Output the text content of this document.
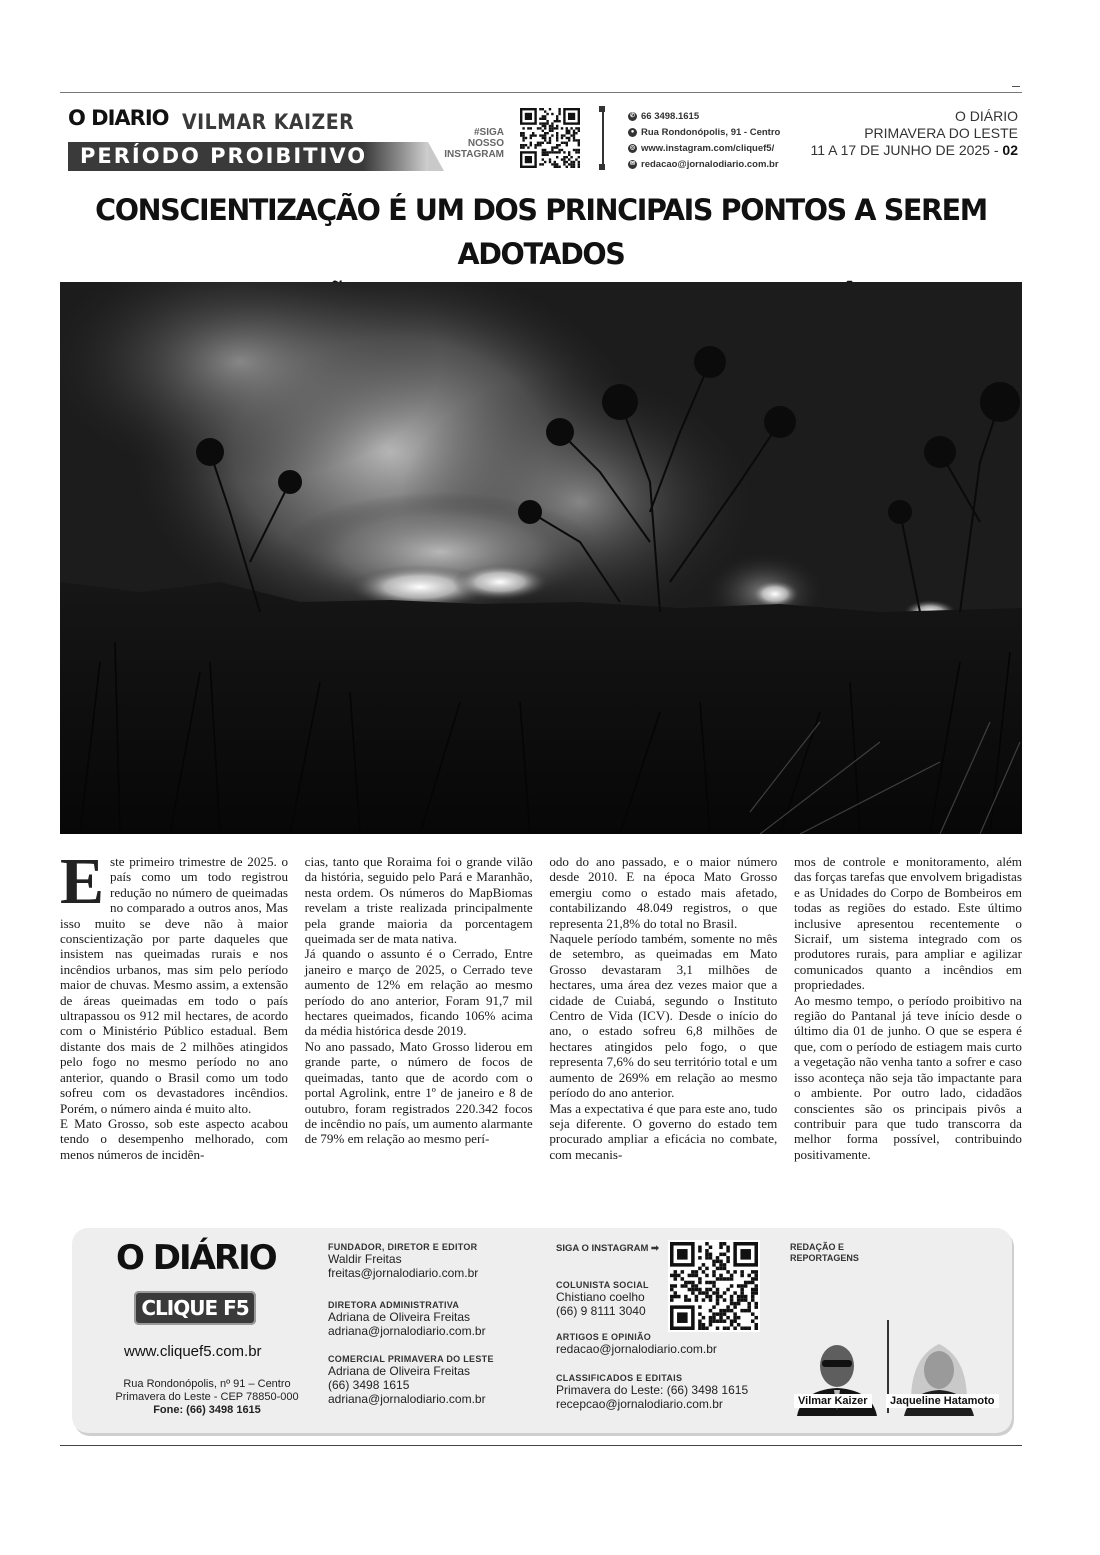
O DIARIO VILMAR KAIZER
PERÍODO PROIBITIVO
#SIGA
NOSSO
INSTAGRAM
✆ 66 3498.1615
● Rua Rondonópolis, 91 - Centro
◎ www.instagram.com/cliquef5/
✉ redacao@jornalodiario.com.br
O DIÁRIO
PRIMAVERA DO LESTE
11 A 17 DE JUNHO DE 2025 - 02
CONSCIENTIZAÇÃO É UM DOS PRINCIPAIS PONTOS A SEREM ADOTADOS
E ste primeiro trimestre de 2025. o país como um todo registrou redução no número de queimadas no comparado a outros anos, Mas isso muito se deve não à maior conscientização por parte daqueles que insistem nas queimadas rurais e nos incêndios urbanos, mas sim pelo período maior de chuvas. Mesmo assim, a extensão de áreas queimadas em todo o país ultrapassou os 912 mil hectares, de acordo com o Ministério Público estadual. Bem distante dos mais de 2 milhões atingidos pelo fogo no mesmo período no ano anterior, quando o Brasil como um todo sofreu com os devastadores incêndios. Porém, o número ainda é muito alto.

E Mato Grosso, sob este aspecto acabou tendo o desempenho melhorado, com menos números de incidên-

cias, tanto que Roraima foi o grande vilão da história, seguido pelo Pará e Maranhão, nesta ordem. Os números do MapBiomas revelam a triste realizada principalmente pela grande maioria da porcentagem queimada ser de mata nativa.

Já quando o assunto é o Cerrado, Entre janeiro e março de 2025, o Cerrado teve aumento de 12% em relação ao mesmo período do ano anterior, Foram 91,7 mil hectares queimados, ficando 106% acima da média histórica desde 2019.

No ano passado, Mato Grosso liderou em grande parte, o número de focos de queimadas, tanto que de acordo com o portal Agrolink, entre 1º de janeiro e 8 de outubro, foram registrados 220.342 focos de incêndio no país, um aumento alarmante de 79% em relação ao mesmo perí-

odo do ano passado, e o maior número desde 2010. E na época Mato Grosso emergiu como o estado mais afetado, contabilizando 48.049 registros, o que representa 21,8% do total no Brasil.

Naquele período também, somente no mês de setembro, as queimadas em Mato Grosso devastaram 3,1 milhões de hectares, uma área dez vezes maior que a cidade de Cuiabá, segundo o Instituto Centro de Vida (ICV). Desde o início do ano, o estado sofreu 6,8 milhões de hectares atingidos pelo fogo, o que representa 7,6% do seu território total e um aumento de 269% em relação ao mesmo período do ano anterior.

Mas a expectativa é que para este ano, tudo seja diferente. O governo do estado tem procurado ampliar a eficácia no combate, com mecanis-

mos de controle e monitoramento, além das forças tarefas que envolvem brigadistas e as Unidades do Corpo de Bombeiros em todas as regiões do estado. Este último inclusive apresentou recentemente o Sicraif, um sistema integrado com os produtores rurais, para ampliar e agilizar comunicados quanto a incêndios em propriedades.

Ao mesmo tempo, o período proibitivo na região do Pantanal já teve início desde o último dia 01 de junho. O que se espera é que, com o período de estiagem mais curto a vegetação não venha tanto a sofrer e caso isso aconteça não seja tão impactante para o ambiente. Por outro lado, cidadãos conscientes são os principais pivôs a contribuir para que tudo transcorra da melhor forma possível, contribuindo positivamente.

O DIÁRIO
CLIQUE F5
www.cliquef5.com.br
Rua Rondonópolis, nº 91 – Centro
Primavera do Leste - CEP 78850-000
Fone: (66) 3498 1615
FUNDADOR, DIRETOR E EDITOR
Waldir Freitas
freitas@jornalodiario.com.br
DIRETORA ADMINISTRATIVA
Adriana de Oliveira Freitas
adriana@jornalodiario.com.br
COMERCIAL PRIMAVERA DO LESTE
Adriana de Oliveira Freitas
(66) 3498 1615
adriana@jornalodiario.com.br
SIGA O INSTAGRAM ➡
COLUNISTA SOCIAL
Chistiano coelho
(66) 9 8111 3040
ARTIGOS E OPINIÃO
redacao@jornalodiario.com.br
CLASSIFICADOS E EDITAIS
Primavera do Leste: (66) 3498 1615
recepcao@jornalodiario.com.br
REDAÇÃO E REPORTAGENS
Vilmar Kaizer	Jaqueline Hatamoto
